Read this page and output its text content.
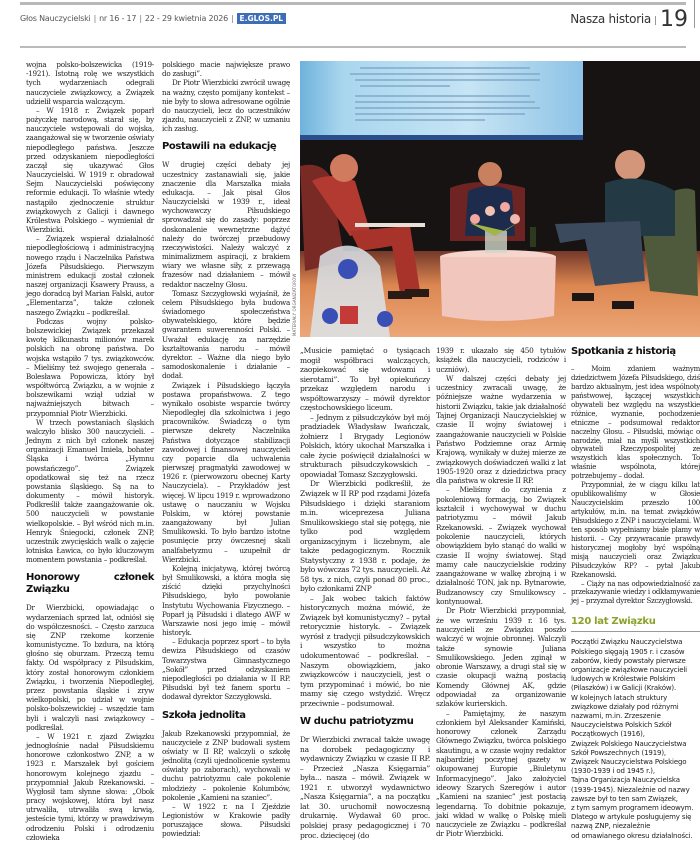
Głos Nauczycielski | nr 16 - 17 | 22 - 29 kwietnia 2026 | E.GLOS.PL	Nasza historia | 19

wojna polsko-bolszewicka (1919--1921). Istotną rolę we wszystkich tych wydarzeniach odegrali nauczyciele związkowcy, a Związek udzielił wsparcia walczącym.

– W 1918 r. Związek poparł pożyczkę narodową, starał się, by nauczyciele wstępowali do wojska, zaangażował się w tworzenie oświaty niepodległego państwa. Jeszcze przed odzyskaniem niepodległości zaczął się ukazywać Głos Nauczycielski. W 1919 r. obradował Sejm Nauczycielski poświęcony reformie edukacji. To właśnie wtedy nastąpiło zjednoczenie struktur związkowych z Galicji i dawnego Królestwa Polskiego – wymieniał dr Wierzbicki.

– Związek wspierał działalność niepodległościową i administracyjną nowego rządu i Naczelnika Państwa Józefa Piłsudskiego. Pierwszym ministrem edukacji został członek naszej organizacji Ksawery Prauss, a jego doradcą był Marian Falski, autor „Elementarza”, także członek naszego Związku – podkreślał.

Podczas wojny polsko-bolszewickiej Związek przekazał kwotę kilkunastu milionów marek polskich na obronę państwa. Do wojska wstąpiło 7 tys. związkowców. – Mieliśmy też swojego generała – Bolesława Popowicza, który był współtwórcą Związku, a w wojnie z bolszewikami wziął udział w najważniejszych bitwach – przypomniał Piotr Wierzbicki.

W trzech powstaniach śląskich walczyło blisko 300 nauczycieli. – Jednym z nich był członek naszej organizacji Emanuel Imiela, bohater Śląska i twórca „Hymnu powstańczego”. Związek opodatkował się też na rzecz powstania śląskiego. Są na to dokumenty – mówił historyk. Podkreślił także zaangażowanie ok. 500 nauczycieli w powstanie wielkopolskie. – Był wśród nich m.in. Henryk Śniegocki, członek ZNP, uczestnik zwycięskich walk o zajęcie lotniska Ławica, co było kluczowym momentem powstania – podkreślał.

Honorowy członek Związku

Dr Wierzbicki, opowiadając o wydarzeniach sprzed lat, odniósł się do współczesności. – Często zarzuca się ZNP rzekome korzenie komunistyczne. To bzdura, na którą głośno się oburzam. Przeczą temu fakty. Od współpracy z Piłsudskim, który został honorowym członkiem Związku, i tworzenia Niepodległej, przez powstania śląskie i zryw wielkopolski, po udział w wojnie polsko-bolszewickiej – wszędzie tam byli i walczyli nasi związkowcy – podkreślał.

– W 1921 r. zjazd Związku jednogłośnie nadał Piłsudskiemu honorowe członkostwo ZNP, a w 1923 r. Marszałek był gościem honorowym kolejnego zjazdu – przypomniał Jakub Rzekanowski. – Wygłosił tam słynne słowa: „Obok pracy wojskowej, która był nasz utrwaliła, utrwaliła swą krwią, jesteście tymi, którzy w prawdziwym odrodzeniu Polski i odrodzeniu człowieka

polskiego macie największe prawo do zasługi”.

Dr Piotr Wierzbicki zwrócił uwagę na ważny, często pomijany kontekst – nie były to słowa adresowane ogólnie do nauczycieli, lecz do uczestników zjazdu, nauczycieli z ZNP, w uznaniu ich zasług.

Postawili na edukację

W drugiej części debaty jej uczestnicy zastanawiali się, jakie znaczenie dla Marszałka miała edukacja. – Jak pisał Głos Nauczycielski w 1939 r., ideał wychowawczy Piłsudskiego sprowadzał się do zasady: poprzez doskonalenie wewnętrzne dążyć należy do twórczej przebudowy rzeczywistości. Należy walczyć z minimalizmem aspiracji, z brakiem wiary we własne siły, z przewagą frazesów nad działaniem – mówił redaktor naczelny Głosu.

Tomasz Szczygłowski wyjaśnił, że celem Piłsudskiego była budowa świadomego społeczeństwa obywatelskiego, które będzie gwarantem suwerenności Polski. – Uważał edukację za narzędzie kształtowania narodu – mówił dyrektor. – Ważne dla niego było samodoskonalenie i działanie – dodał.

Związek i Piłsudskiego łączyła postawa propaństwowa. Z tego wynikało osobiste wsparcie twórcy Niepodległej dla szkolnictwa i jego pracowników. Świadczą o tym pierwsze dekrety Naczelnika Państwa dotyczące stabilizacji zawodowej i finansowej nauczycieli czy poparcie dla uchwalenia pierwszej pragmatyki zawodowej w 1926 r. (pierwowzoru obecnej Karty Nauczyciela). – Przykładów jest więcej. W lipcu 1919 r. wprowadzono ustawę o nauczaniu w Wojsku Polskim, w której powstanie zaangażowany był Julian Smulikowski. To było bardzo istotne posunięcie przy ówczesnej skali analfabetyzmu – uzupełnił dr Wierzbicki.

Kolejną inicjatywą, której twórcą był Smulikowski, a która mogła się ziścić dzięki przychylności Piłsudskiego, było powołanie Instytutu Wychowania Fizycznego. – Poparł ją Piłsudski i dlatego AWF w Warszawie nosi jego imię – mówił historyk.

– Edukacja poprzez sport – to była dewiza Piłsudskiego od czasów Towarzystwa Gimnastycznego „Sokół” przed odzyskaniem niepodległości po działania w II RP. Piłsudski był też fanem sportu – dodawał dyrektor Szczygłowski.

Szkoła jednolita

Jakub Rzekanowski przypomniał, że nauczyciele z ZNP budowali system oświaty w II RP, walczyli o szkołę jednolitą (czyli ujednolicenie systemu oświaty po zaborach), wychowali w duchu patriotyzmu całe pokolenie młodzieży – pokolenie Kolumbów, pokolenie „Kamieni na szaniec”.

– W 1922 r. na I Zjeździe Legionistów w Krakowie padły poruszające słowa. Piłsudski powiedział:

MATERIAŁY ORGANIZATORÓW

„Musicie pamiętać o tysiącach mogił współbraci walczących, zaopiekować się wdowami i sierotami”. To był opiekuńczy przekaz względem narodu i współtowarzyszy – mówił dyrektor częstochowskiego liceum.

– Jednym z piłsudczyków był mój pradziadek Władysław Iwańczak, żołnierz I Brygady Legionów Polskich, który ukochał Marszałka i całe życie poświęcił działalności w strukturach piłsudczykowskich – opowiadał Tomasz Szczygłowski.

Dr Wierzbicki podkreślił, że Związek w II RP pod rządami Józefa Piłsudskiego i dzięki staraniom m.in. wiceprezesa Juliana Smulikowskiego stał się potęgą, nie tylko pod względem organizacyjnym i liczebnym, ale także pedagogicznym. Rocznik Statystyczny z 1938 r. podaje, że było wówczas 72 tys. nauczycieli. Aż 58 tys. z nich, czyli ponad 80 proc., było członkami ZNP

– Jak wobec takich faktów historycznych można mówić, że Związek był komunistyczny? – pytał retorycznie historyk. – Związek wyrósł z tradycji piłsudczykowskich i wszystko to można udokumentować – podkreślał. – Naszym obowiązkiem, jako związkowców i nauczycieli, jest o tym przypominać i mówić, bo nie mamy się czego wstydzić. Wręcz przeciwnie – podsumował.

W duchu patriotyzmu

Dr Wierzbicki zwracał także uwagę na dorobek pedagogiczny i wydawniczy Związku w czasie II RP. – Przecież „Nasza Księgarnia” była... nasza – mówił. Związek w 1921 r. utworzył wydawnictwo „Nasza Księgarnia”, a na początku lat 30. uruchomił nowoczesną drukarnię. Wydawał 60 proc. polskiej prasy pedagogicznej i 70 proc. dziecięcej (do

1939 r. ukazało się 450 tytułów książek dla nauczycieli, rodziców i uczniów).

W dalszej części debaty jej uczestnicy zwracali uwagę, że późniejsze ważne wydarzenia w historii Związku, takie jak działalność Tajnej Organizacji Nauczycielskiej w czasie II wojny światowej i zaangażowanie nauczycieli w Polskie Państwo Podziemne oraz Armię Krajową, wynikały w dużej mierze ze związkowych doświadczeń walki z lat 1905-1920 oraz z dziedzictwa pracy dla państwa w okresie II RP.

– Mieliśmy do czynienia z pokoleniową formacją, bo Związek kształcił i wychowywał w duchu patriotyzmu – mówił Jakub Rzekanowski. – Związek wychował pokolenie nauczycieli, których obowiązkiem było stanąć do walki w czasie II wojny światowej. Stąd mamy całe nauczycielskie rodziny zaangażowane w walkę zbrojną i w działalność TON, jak np. Bytnarowie, Budzanowscy czy Smulikowscy – kontynuował.

Dr Piotr Wierzbicki przypomniał, że we wrześniu 1939 r. 16 tys. nauczycieli ze Związku poszło walczyć w wojnie obronnej. Walczyli także synowie Juliana Smulikowskiego. Jeden zginął w obronie Warszawy, a drugi stał się w czasie okupacji ważną postacią Komendy Głównej AK, gdzie odpowiadał za organizowanie szlaków kurierskich.

– Pamiętajmy, że naszym członkiem był Aleksander Kamiński, honorowy członek Zarządu Głównego Związku, twórca polskiego skautingu, a w czasie wojny redaktor najbardziej poczytnej gazety w okupowanej Europie „Biuletynu Informacyjnego”. Jako założyciel ideowy Szarych Szeregów i autor „Kamieni na szaniec” jest postacią legendarną. To dobitnie pokazuje, jaki wkład w walkę o Polskę mieli nauczyciele ze Związku – podkreślał dr Piotr Wierzbicki.

Spotkania z historią

– Moim zdaniem ważnym dziedzictwem Józefa Piłsudskiego, dziś bardzo aktualnym, jest idea wspólnoty państwowej, łączącej wszystkich obywateli bez względu na wszystkie różnice, wyznanie, pochodzenie etniczne – podsumował redaktor naczelny Głosu. – Piłsudski, mówiąc o narodzie, miał na myśli wszystkich obywateli Rzeczypospolitej ze wszystkich klas społecznych. To właśnie wspólnota, której potrzebujemy – dodał.

Przypomniał, że w ciągu kilku lat opublikowaliśmy w Głosie Nauczycielskim przeszło 100 artykułów, m.in. na temat związków Piłsudskiego z ZNP i nauczycielami. W ten sposób wypełniamy białe plamy w historii. – Czy przywracanie prawdy historycznej mogłoby być wspólną misją nauczycieli oraz Związku Piłsudczyków RP? – pytał Jakub Rzekanowski.

– Ciąży na nas odpowiedzialność za przekazywanie wiedzy i odkłamywanie jej – przyznał dyrektor Szczygłowski.

120 lat Związku

Początki Związku Nauczycielstwa Polskiego sięgają 1905 r. i czasów zaborów, kiedy powstały pierwsze organizacje związkowe nauczycieli ludowych w Królestwie Polskim (Pilaszków) i w Galicji (Kraków).

W kolejnych latach struktury związkowe działały pod różnymi nazwami, m.in. Zrzeszenie Nauczycielstwa Polskich Szkół Początkowych (1916),

Związek Polskiego Nauczycielstwa Szkół Powszechnych (1919),

Związek Nauczycielstwa Polskiego (1930-1939 i od 1945 r.),

Tajna Organizacja Nauczycielska (1939-1945). Niezależnie od nazwy zawsze był to ten sam Związek,

z tym samym programem ideowym. Dlatego w artykule posługujemy się nazwą ZNP, niezależnie

od omawianego okresu działalności.
